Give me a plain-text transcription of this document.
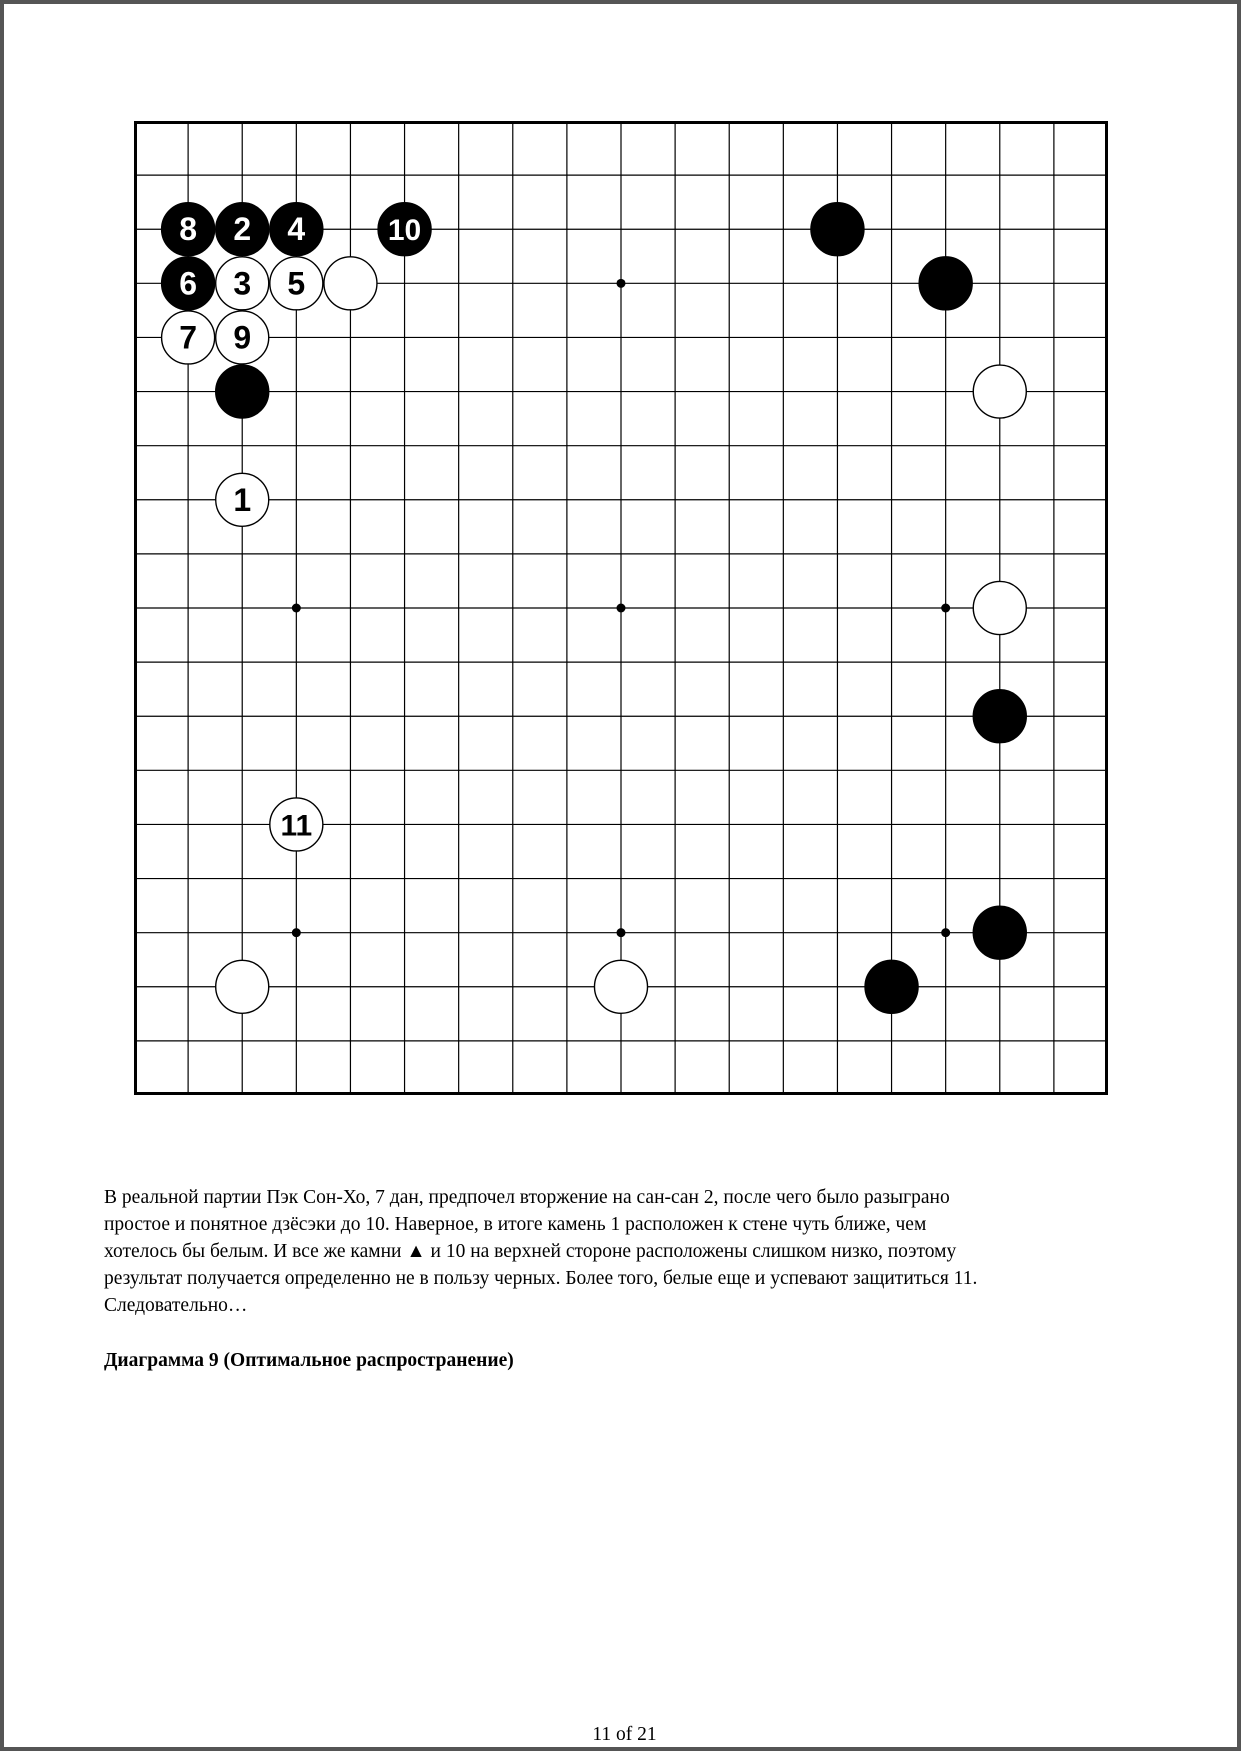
8 2 4	10
6 3 5
7 9
1
11

В реальной партии Пэк Сон-Хо, 7 дан, предпочел вторжение на сан-сан 2, после чего было разыграно

простое и понятное дзёсэки до 10. Наверное, в итоге камень 1 расположен к стене чуть ближе, чем

хотелось бы белым. И все же камни ▲ и 10 на верхней стороне расположены слишком низко, поэтому

результат получается определенно не в пользу черных. Более того, белые еще и успевают защититься 11.

Следовательно…

Диаграмма 9 (Оптимальное распространение)
11 of 21
